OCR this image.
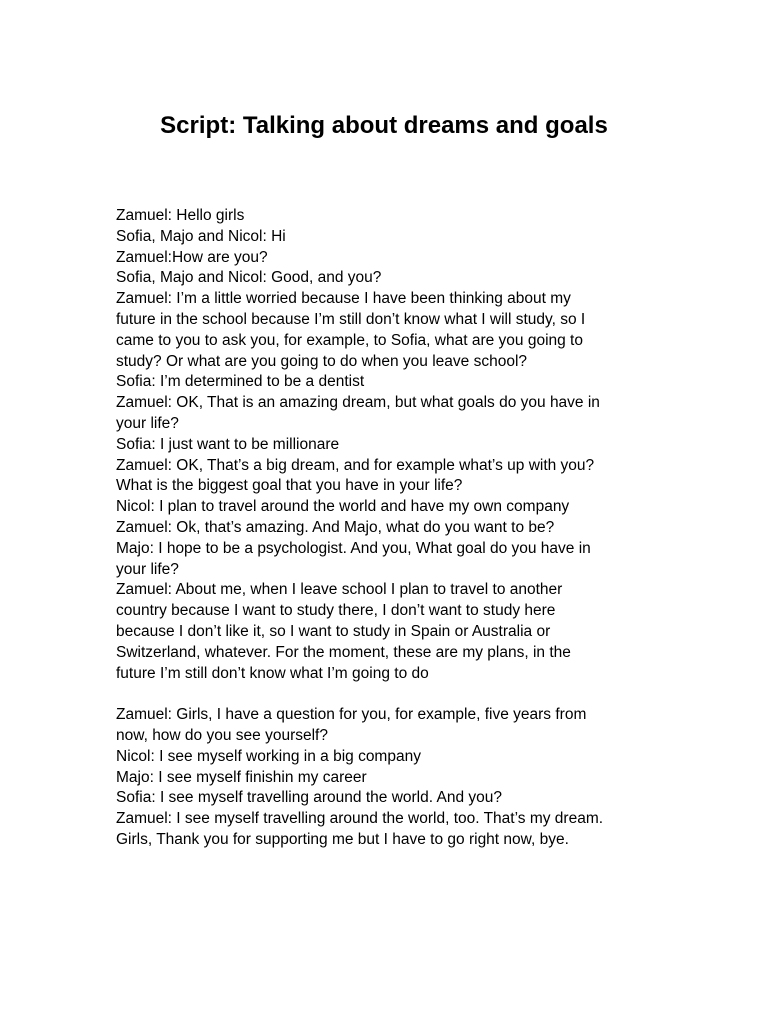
Script: Talking about dreams and goals
Zamuel: Hello girls
Sofia, Majo and Nicol: Hi
Zamuel:How are you?
Sofia, Majo and Nicol: Good, and you?
Zamuel: I’m a little worried because I have been thinking about my
future in the school because I’m still don’t know what I will study, so I
came to you to ask you, for example, to Sofia, what are you going to
study? Or what are you going to do when you leave school?
Sofia: I’m determined to be a dentist
Zamuel: OK, That is an amazing dream, but what goals do you have in
your life?
Sofia: I just want to be millionare
Zamuel: OK, That’s a big dream, and for example what’s up with you?
What is the biggest goal that you have in your life?
Nicol: I plan to travel around the world and have my own company
Zamuel: Ok, that’s amazing. And Majo, what do you want to be?
Majo: I hope to be a psychologist. And you, What goal do you have in
your life?
Zamuel: About me, when I leave school I plan to travel to another
country because I want to study there, I don’t want to study here
because I don’t like it, so I want to study in Spain or Australia or
Switzerland, whatever. For the moment, these are my plans, in the
future I’m still don’t know what I’m going to do
Zamuel: Girls, I have a question for you, for example, five years from
now, how do you see yourself?
Nicol: I see myself working in a big company
Majo: I see myself finishin my career
Sofia: I see myself travelling around the world. And you?
Zamuel: I see myself travelling around the world, too. That’s my dream.
Girls, Thank you for supporting me but I have to go right now, bye.
